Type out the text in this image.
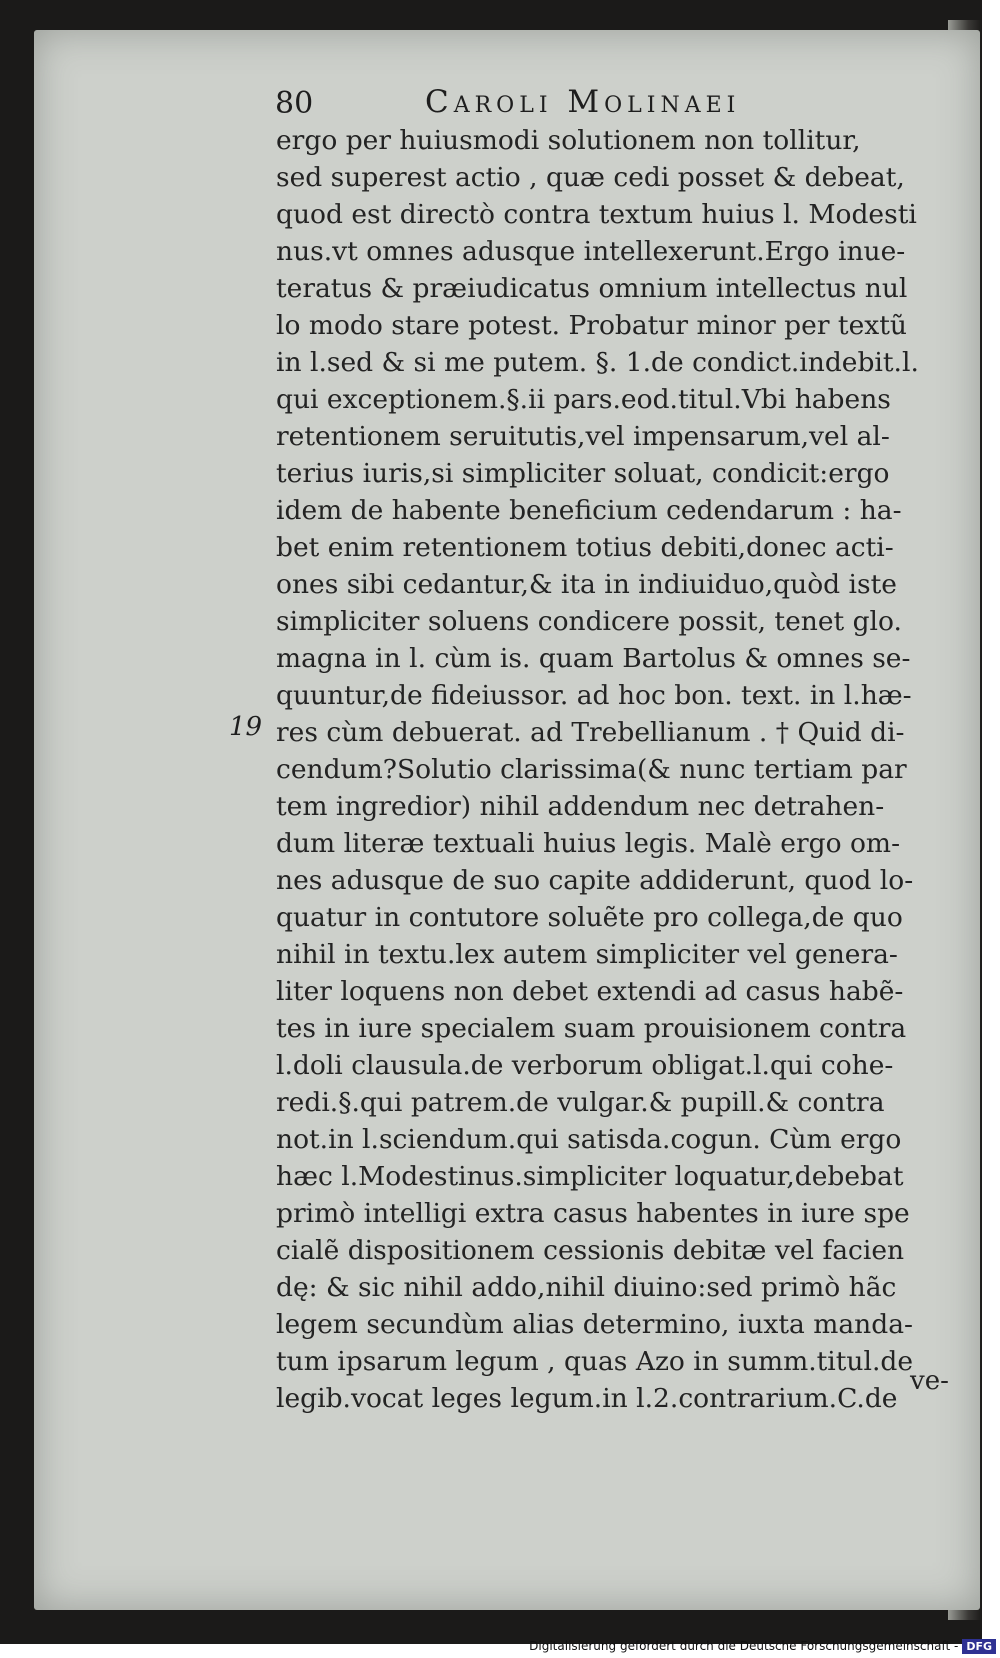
80	Caroli Molinaei

19
ergo per huiusmodi solutionem non tollitur,
sed superest actio , quæ cedi posset & debeat,
quod est directò contra textum huius l. Modesti
nus.vt omnes adusque intellexerunt.Ergo inue-
teratus & præiudicatus omnium intellectus nul
lo modo stare potest. Probatur minor per textũ
in l.sed & si me putem. §. 1.de condict.indebit.l.
qui exceptionem.§.ii pars.eod.titul.Vbi habens
retentionem seruitutis,vel impensarum,vel al-
terius iuris,si simpliciter soluat, condicit:ergo
idem de habente beneficium cedendarum : ha-
bet enim retentionem totius debiti,donec acti-
ones sibi cedantur,& ita in indiuiduo,quòd iste
simpliciter soluens condicere possit, tenet glo.
magna in l. cùm is. quam Bartolus & omnes se-
quuntur,de fideiussor. ad hoc bon. text. in l.hæ-
res cùm debuerat. ad Trebellianum . † Quid di-
cendum?Solutio clarissima(& nunc tertiam par
tem ingredior) nihil addendum nec detrahen-
dum literæ textuali huius legis. Malè ergo om-
nes adusque de suo capite addiderunt, quod lo-
quatur in contutore soluẽte pro collega,de quo
nihil in textu.lex autem simpliciter vel genera-
liter loquens non debet extendi ad casus habẽ-
tes in iure specialem suam prouisionem contra
l.doli clausula.de verborum obligat.l.qui cohe-
redi.§.qui patrem.de vulgar.& pupill.& contra
not.in l.sciendum.qui satisda.cogun. Cùm ergo
hæc l.Modestinus.simpliciter loquatur,debebat
primò intelligi extra casus habentes in iure spe
cialẽ dispositionem cessionis debitæ vel facien
dę: & sic nihil addo,nihil diuino:sed primò hãc
legem secundùm alias determino, iuxta manda-
tum ipsarum legum , quas Azo in summ.titul.de
legib.vocat leges legum.in l.2.contrarium.C.de
ve-
Digitalisierung gefördert durch die Deutsche Forschungsgemeinschaft - DFG
